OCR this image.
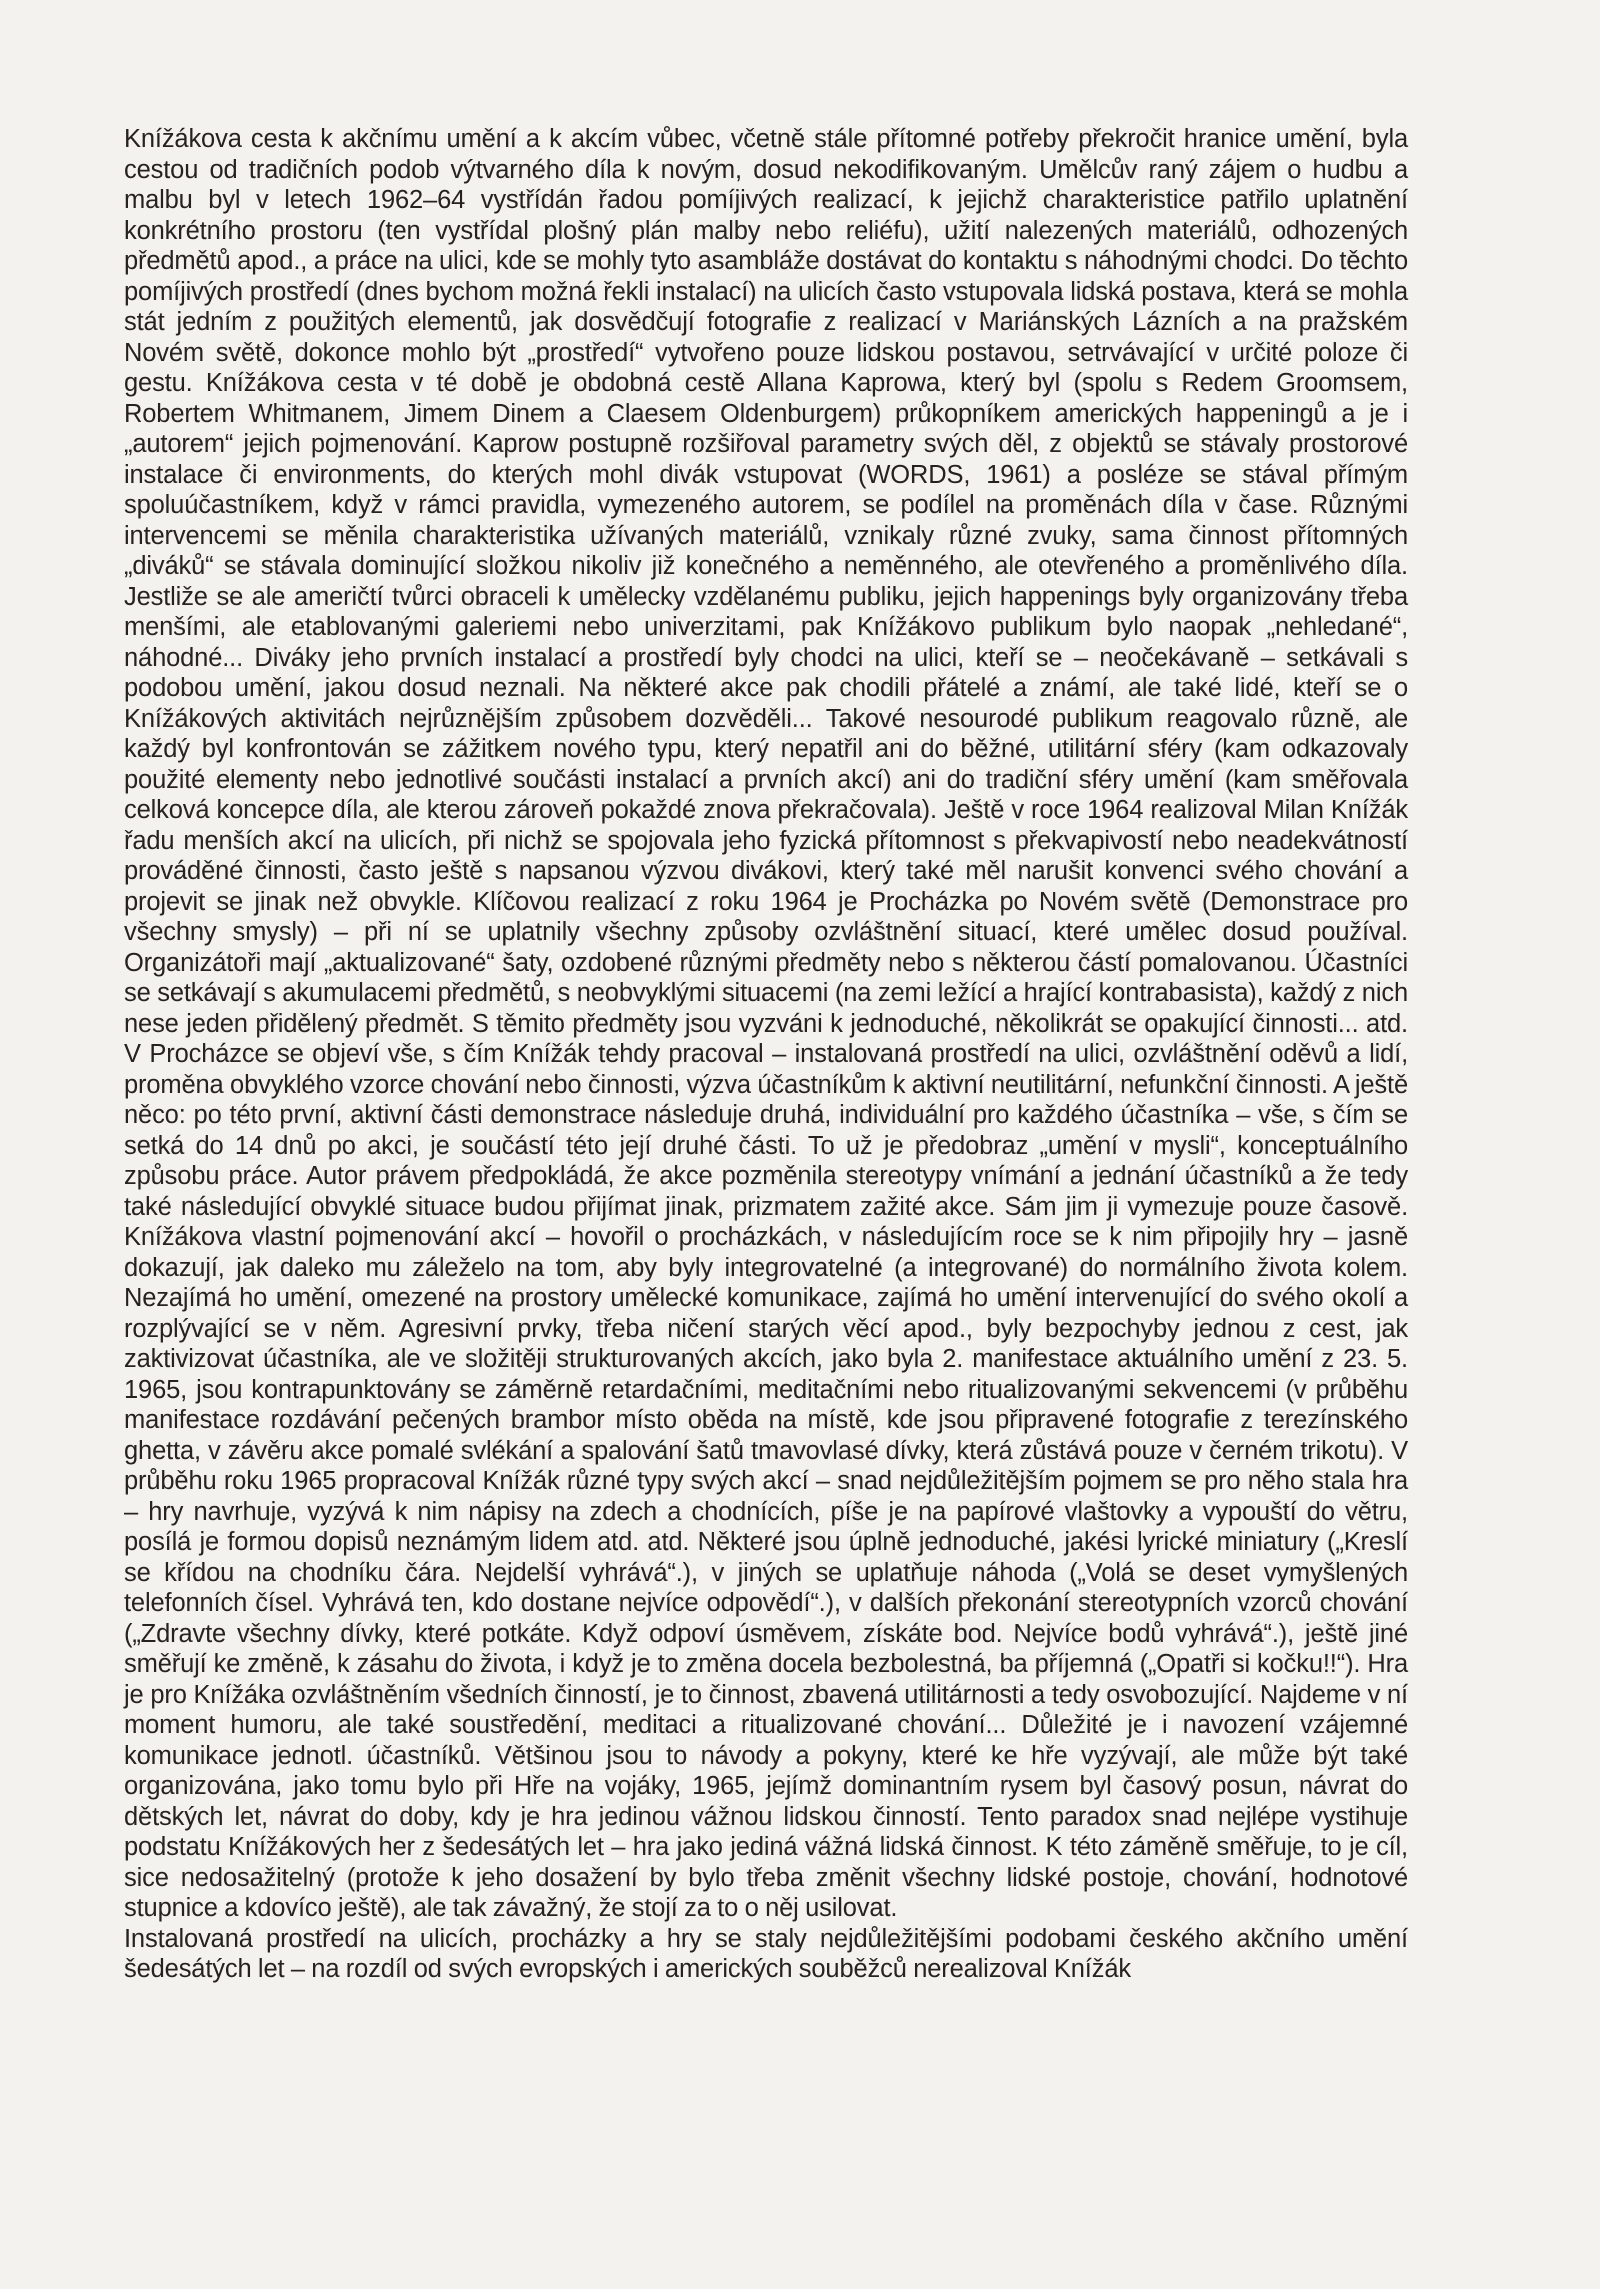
Knížákova cesta k akčnímu umění a k akcím vůbec, včetně stále přítomné potřeby překročit hranice umění, byla cestou od tradičních podob výtvarného díla k novým, dosud nekodifikovaným. Umělcův raný zájem o hudbu a malbu byl v letech 1962–64 vystřídán řadou pomíjivých realizací, k jejichž charakteristice patřilo uplatnění konkrétního prostoru (ten vystřídal plošný plán malby nebo reliéfu), užití nalezených materiálů, odhozených předmětů apod., a práce na ulici, kde se mohly tyto asambláže dostávat do kontaktu s náhodnými chodci. Do těchto pomíjivých prostředí (dnes bychom možná řekli instalací) na ulicích často vstupovala lidská postava, která se mohla stát jedním z použitých elementů, jak dosvědčují fotografie z realizací v Mariánských Lázních a na pražském Novém světě, dokonce mohlo být „prostředí“ vytvořeno pouze lidskou postavou, setrvávající v určité poloze či gestu. Knížákova cesta v té době je obdobná cestě Allana Kaprowa, který byl (spolu s Redem Groomsem, Robertem Whitmanem, Jimem Dinem a Claesem Oldenburgem) průkopníkem amerických happeningů a je i „autorem“ jejich pojmenování. Kaprow postupně rozšiřoval parametry svých děl, z objektů se stávaly prostorové instalace či environments, do kterých mohl divák vstupovat (WORDS, 1961) a posléze se stával přímým spoluúčastníkem, když v rámci pravidla, vymezeného autorem, se podílel na proměnách díla v čase. Různými intervencemi se měnila charakteristika užívaných materiálů, vznikaly různé zvuky, sama činnost přítomných „diváků“ se stávala dominující složkou nikoliv již konečného a neměnného, ale otevřeného a proměnlivého díla. Jestliže se ale američtí tvůrci obraceli k umělecky vzdělanému publiku, jejich happenings byly organizovány třeba menšími, ale etablovanými galeriemi nebo univerzitami, pak Knížákovo publikum bylo naopak „nehledané“, náhodné... Diváky jeho prvních instalací a prostředí byly chodci na ulici, kteří se – neočekávaně – setkávali s podobou umění, jakou dosud neznali. Na některé akce pak chodili přátelé a známí, ale také lidé, kteří se o Knížákových aktivitách nejrůznějším způsobem dozvěděli... Takové nesourodé publikum reagovalo různě, ale každý byl konfrontován se zážitkem nového typu, který nepatřil ani do běžné, utilitární sféry (kam odkazovaly použité elementy nebo jednotlivé součásti instalací a prvních akcí) ani do tradiční sféry umění (kam směřovala celková koncepce díla, ale kterou zároveň pokaždé znova překračovala). Ještě v roce 1964 realizoval Milan Knížák řadu menších akcí na ulicích, při nichž se spojovala jeho fyzická přítomnost s překvapivostí nebo neadekvátností prováděné činnosti, často ještě s napsanou výzvou divákovi, který také měl narušit konvenci svého chování a projevit se jinak než obvykle. Klíčovou realizací z roku 1964 je Procházka po Novém světě (Demonstrace pro všechny smysly) – při ní se uplatnily všechny způsoby ozvláštnění situací, které umělec dosud používal. Organizátoři mají „aktualizované“ šaty, ozdobené různými předměty nebo s některou částí pomalovanou. Účastníci se setkávají s akumulacemi předmětů, s neobvyklými situacemi (na zemi ležící a hrající kontrabasista), každý z nich nese jeden přidělený předmět. S těmito předměty jsou vyzváni k jednoduché, několikrát se opakující činnosti... atd. V Procházce se objeví vše, s čím Knížák tehdy pracoval – instalovaná prostředí na ulici, ozvláštnění oděvů a lidí, proměna obvyklého vzorce chování nebo činnosti, výzva účastníkům k aktivní neutilitární, nefunkční činnosti. A ještě něco: po této první, aktivní části demonstrace následuje druhá, individuální pro každého účastníka – vše, s čím se setká do 14 dnů po akci, je součástí této její druhé části. To už je předobraz „umění v mysli“, konceptuálního způsobu práce. Autor právem předpokládá, že akce pozměnila stereotypy vnímání a jednání účastníků a že tedy také následující obvyklé situace budou přijímat jinak, prizmatem zažité akce. Sám jim ji vymezuje pouze časově. Knížákova vlastní pojmenování akcí – hovořil o procházkách, v následujícím roce se k nim připojily hry – jasně dokazují, jak daleko mu záleželo na tom, aby byly integrovatelné (a integrované) do normálního života kolem. Nezajímá ho umění, omezené na prostory umělecké komunikace, zajímá ho umění intervenující do svého okolí a rozplývající se v něm. Agresivní prvky, třeba ničení starých věcí apod., byly bezpochyby jednou z cest, jak zaktivizovat účastníka, ale ve složitěji strukturovaných akcích, jako byla 2. manifestace aktuálního umění z 23. 5. 1965, jsou kontrapunktovány se záměrně retardačními, meditačními nebo ritualizovanými sekvencemi (v průběhu manifestace rozdávání pečených brambor místo oběda na místě, kde jsou připravené fotografie z terezínského ghetta, v závěru akce pomalé svlékání a spalování šatů tmavovlasé dívky, která zůstává pouze v černém trikotu). V průběhu roku 1965 propracoval Knížák různé typy svých akcí – snad nejdůležitějším pojmem se pro něho stala hra – hry navrhuje, vyzývá k nim nápisy na zdech a chodnících, píše je na papírové vlaštovky a vypouští do větru, posílá je formou dopisů neznámým lidem atd. atd. Některé jsou úplně jednoduché, jakési lyrické miniatury („Kreslí se křídou na chodníku čára. Nejdelší vyhrává“.), v jiných se uplatňuje náhoda („Volá se deset vymyšlených telefonních čísel. Vyhrává ten, kdo dostane nejvíce odpovědí“.), v dalších překonání stereotypních vzorců chování („Zdravte všechny dívky, které potkáte. Když odpoví úsměvem, získáte bod. Nejvíce bodů vyhrává“.), ještě jiné směřují ke změně, k zásahu do života, i když je to změna docela bezbolestná, ba příjemná („Opatři si kočku!!“). Hra je pro Knížáka ozvláštněním všedních činností, je to činnost, zbavená utilitárnosti a tedy osvobozující. Najdeme v ní moment humoru, ale také soustředění, meditaci a ritualizované chování... Důležité je i navození vzájemné komunikace jednotl. účastníků. Většinou jsou to návody a pokyny, které ke hře vyzývají, ale může být také organizována, jako tomu bylo při Hře na vojáky, 1965, jejímž dominantním rysem byl časový posun, návrat do dětských let, návrat do doby, kdy je hra jedinou vážnou lidskou činností. Tento paradox snad nejlépe vystihuje podstatu Knížákových her z šedesátých let – hra jako jediná vážná lidská činnost. K této záměně směřuje, to je cíl, sice nedosažitelný (protože k jeho dosažení by bylo třeba změnit všechny lidské postoje, chování, hodnotové stupnice a kdovíco ještě), ale tak závažný, že stojí za to o něj usilovat.

Instalovaná prostředí na ulicích, procházky a hry se staly nejdůležitějšími podobami českého akčního umění šedesátých let – na rozdíl od svých evropských i amerických souběžců nerealizoval Knížák
